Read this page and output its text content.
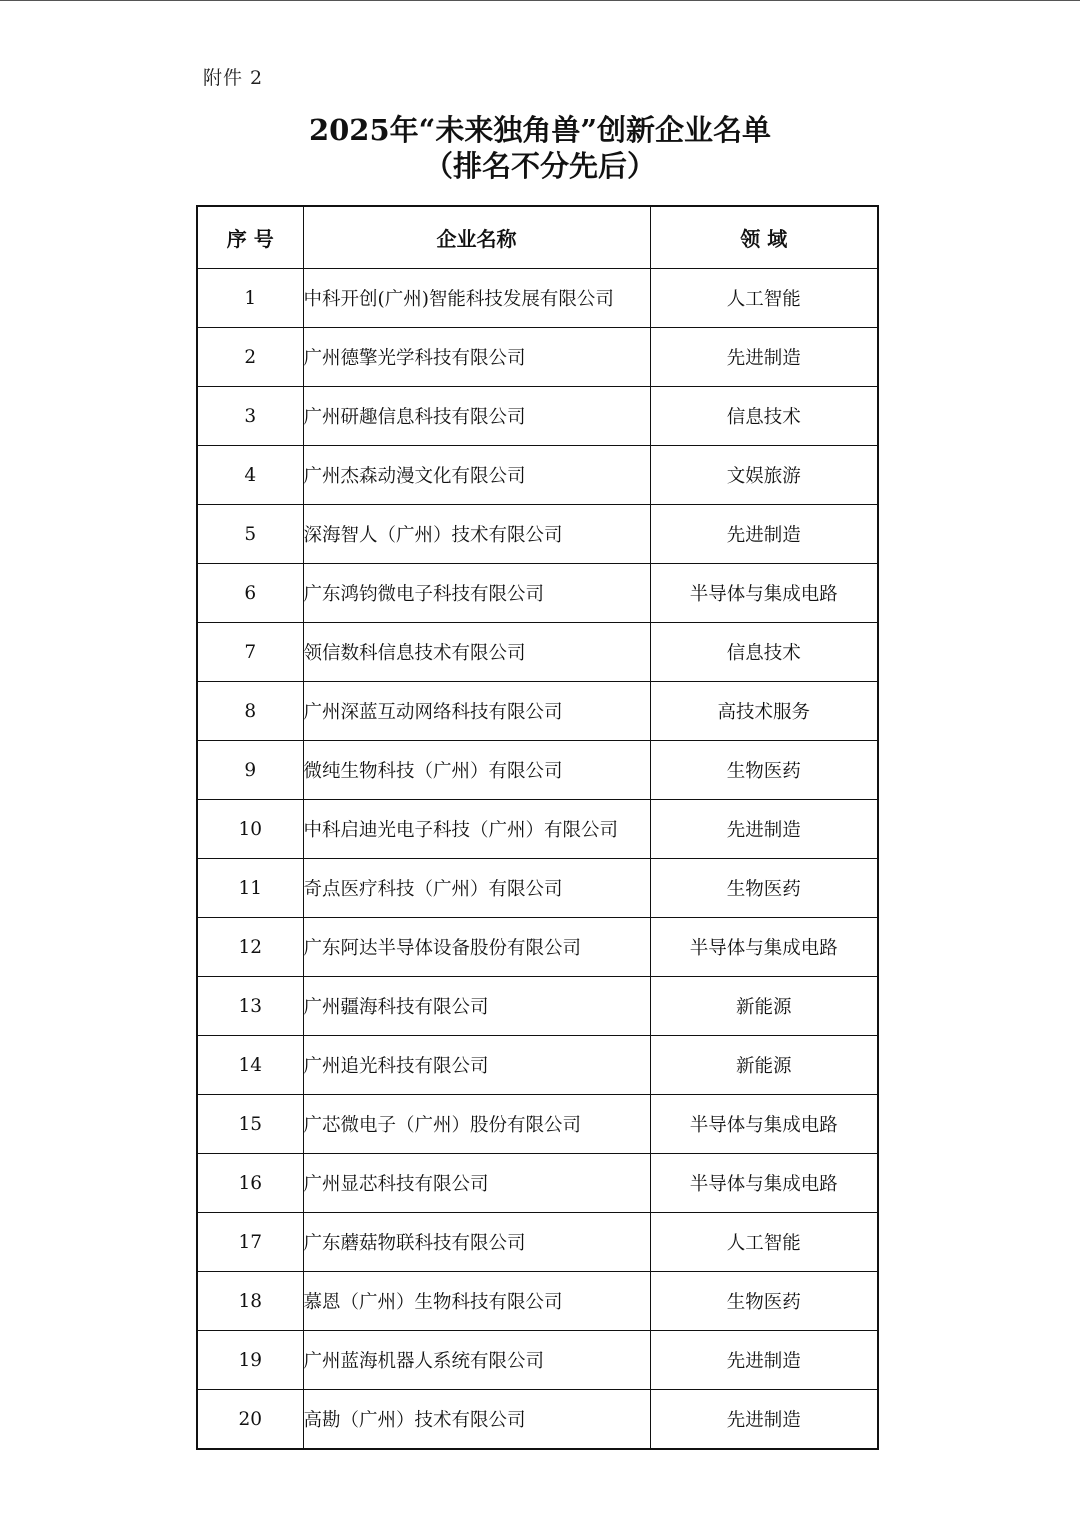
附件 2
2025年“未来独角兽”创新企业名单
（排名不分先后）
序 号	企业名称	领 域
1	中科开创(广州)智能科技发展有限公司	人工智能
2	广州德擎光学科技有限公司	先进制造
3	广州研趣信息科技有限公司	信息技术
4	广州杰森动漫文化有限公司	文娱旅游
5	深海智人（广州）技术有限公司	先进制造
6	广东鸿钧微电子科技有限公司	半导体与集成电路
7	领信数科信息技术有限公司	信息技术
8	广州深蓝互动网络科技有限公司	高技术服务
9	微纯生物科技（广州）有限公司	生物医药
10	中科启迪光电子科技（广州）有限公司	先进制造
11	奇点医疗科技（广州）有限公司	生物医药
12	广东阿达半导体设备股份有限公司	半导体与集成电路
13	广州疆海科技有限公司	新能源
14	广州追光科技有限公司	新能源
15	广芯微电子（广州）股份有限公司	半导体与集成电路
16	广州显芯科技有限公司	半导体与集成电路
17	广东蘑菇物联科技有限公司	人工智能
18	慕恩（广州）生物科技有限公司	生物医药
19	广州蓝海机器人系统有限公司	先进制造
20	高勘（广州）技术有限公司	先进制造
